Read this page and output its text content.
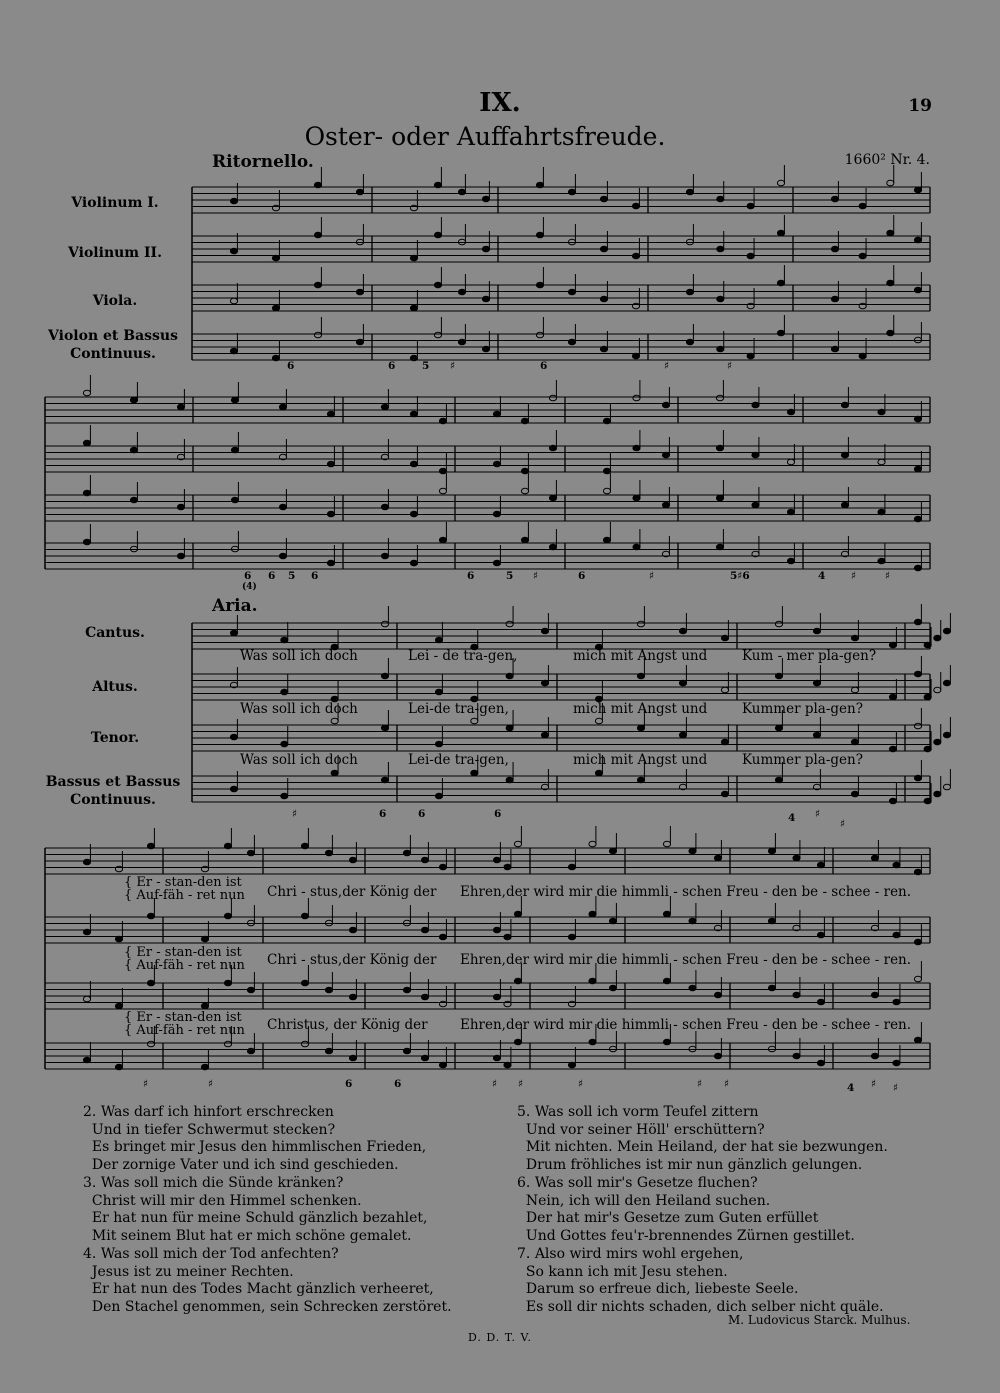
IX.	19
Oster- oder Auffahrtsfreude.
Ritornello.	1660² Nr. 4.
Violinum I.
Violinum II.
Viola.
Violon et Bassus Continuus.
Aria.
Cantus.
Altus.
Tenor.
Bassus et Bassus Continuus.
6	6	5 ♯	6	♯	♯
6
(4)
6 5 6	6	5 ♯	6	♯	5♯6	4 ♯	♯
Was soll ich doch	Lei - de tra-gen,	mich mit Angst und	Kum - mer pla-gen?
Was soll ich doch	Lei-de tra-gen,	mich mit Angst und	Kummer pla-gen?
Was soll ich doch	Lei-de tra-gen,	mich mit Angst und	Kummer pla-gen?
♯	6	6	6	4 ♯
♯
{ Er - stan-den ist
{ Auf-fäh - ret nun Chri - stus,der König der Ehren,der wird mir die himmli - schen Freu - den be - schee - ren.
{ Er - stan-den ist
{ Auf-fäh - ret nun Chri - stus,der König der Ehren,der wird mir die himmli - schen Freu - den be - schee - ren.
{ Er - stan-den ist
{ Auf-fäh - ret nun Christus, der König der Ehren,der wird mir die himmli - schen Freu - den be - schee - ren.
♯	♯	6	6	♯ ♯	♯	♯ ♯	4 ♯ ♯
2. Was darf ich hinfort erschrecken
Und in tiefer Schwermut stecken?
Es bringet mir Jesus den himmlischen Frieden,
Der zornige Vater und ich sind geschieden.
3. Was soll mich die Sünde kränken?
Christ will mir den Himmel schenken.
Er hat nun für meine Schuld gänzlich bezahlet,
Mit seinem Blut hat er mich schöne gemalet.
4. Was soll mich der Tod anfechten?
Jesus ist zu meiner Rechten.
Er hat nun des Todes Macht gänzlich verheeret,
Den Stachel genommen, sein Schrecken zerstöret.
5. Was soll ich vorm Teufel zittern
Und vor seiner Höll' erschüttern?
Mit nichten. Mein Heiland, der hat sie bezwungen.
Drum fröhliches ist mir nun gänzlich gelungen.
6. Was soll mir's Gesetze fluchen?
Nein, ich will den Heiland suchen.
Der hat mir's Gesetze zum Guten erfüllet
Und Gottes feu'r-brennendes Zürnen gestillet.
7. Also wird mirs wohl ergehen,
So kann ich mit Jesu stehen.
Darum so erfreue dich, liebeste Seele.
Es soll dir nichts schaden, dich selber nicht quäle.
M. Ludovicus Starck. Mulhus.
D. D. T. V.
